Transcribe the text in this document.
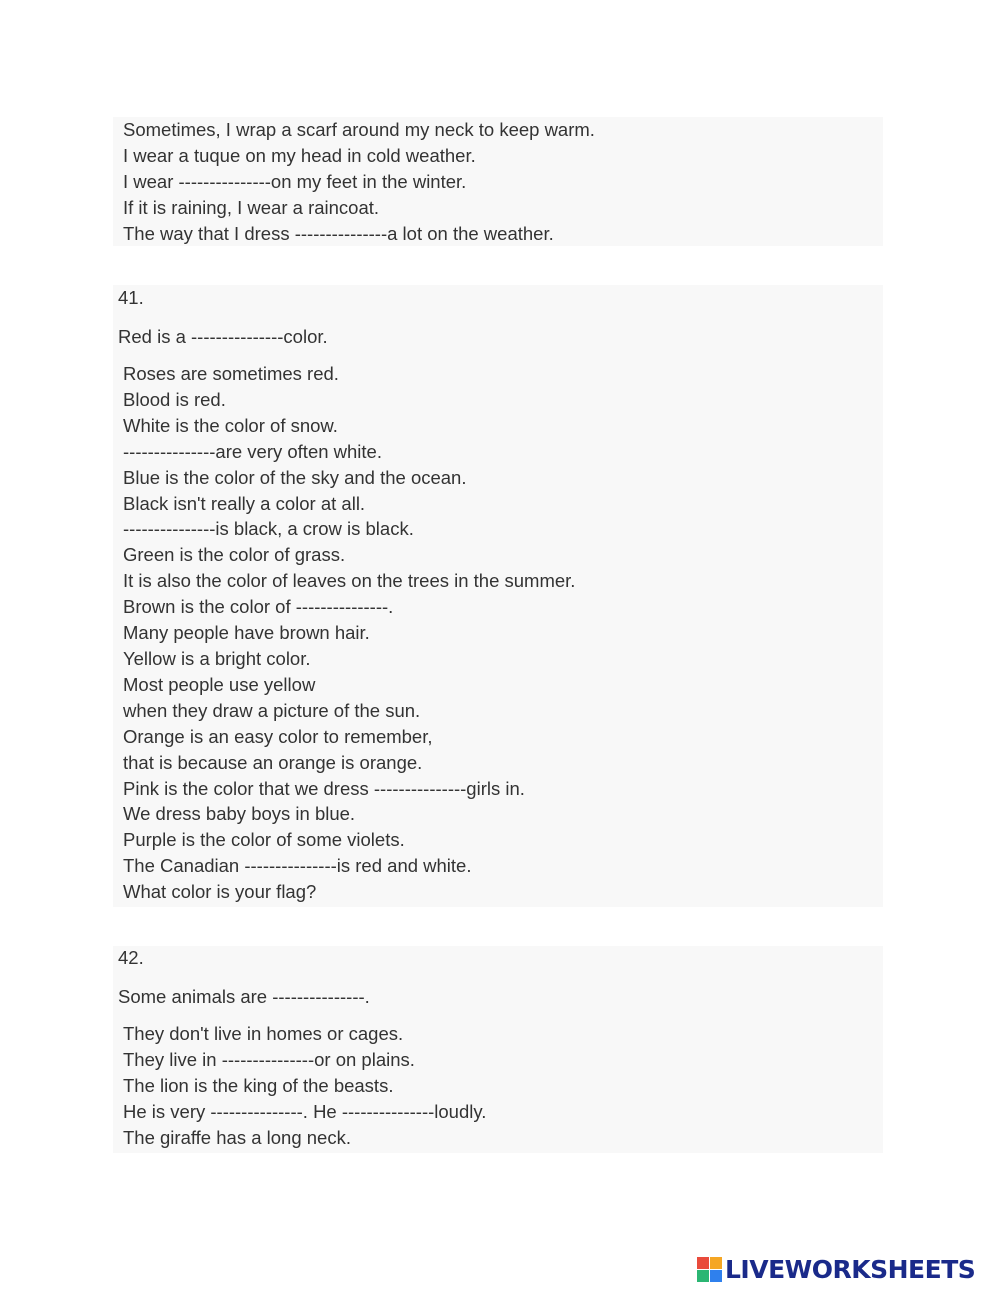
Sometimes, I wrap a scarf around my neck to keep warm.
I wear a tuque on my head in cold weather.
I wear ---------------on my feet in the winter.
If it is raining, I wear a raincoat.
The way that I dress ---------------a lot on the weather.
41.
Red is a ---------------color.
Roses are sometimes red.
Blood is red.
White is the color of snow.
---------------are very often white.
Blue is the color of the sky and the ocean.
Black isn't really a color at all.
---------------is black, a crow is black.
Green is the color of grass.
It is also the color of leaves on the trees in the summer.
Brown is the color of ---------------.
Many people have brown hair.
Yellow is a bright color.
Most people use yellow
when they draw a picture of the sun.
Orange is an easy color to remember,
that is because an orange is orange.
Pink is the color that we dress ---------------girls in.
We dress baby boys in blue.
Purple is the color of some violets.
The Canadian ---------------is red and white.
What color is your flag?
42.
Some animals are ---------------.
They don't live in homes or cages.
They live in ---------------or on plains.
The lion is the king of the beasts.
He is very ---------------. He ---------------loudly.
The giraffe has a long neck.
LIVEWORKSHEETS
